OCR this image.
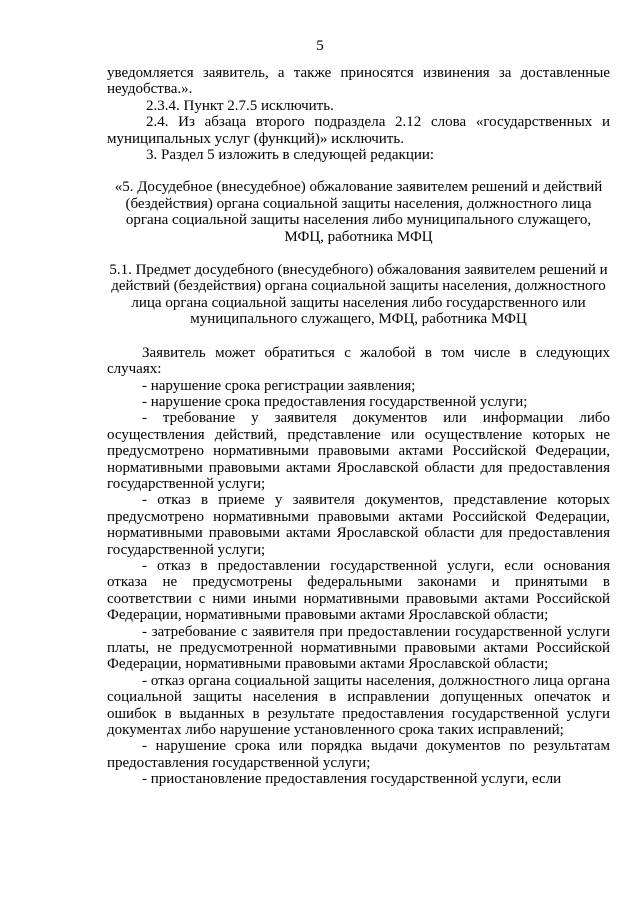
5

уведомляется заявитель, а также приносятся извинения за доставленные неудобства.».

2.3.4. Пункт 2.7.5 исключить.

2.4. Из абзаца второго подраздела 2.12 слова «государственных и муниципальных услуг (функций)» исключить.

3. Раздел 5 изложить в следующей редакции:

«5. Досудебное (внесудебное) обжалование заявителем решений и действий (бездействия) органа социальной защиты населения, должностного лица органа социальной защиты населения либо муниципального служащего, МФЦ, работника МФЦ

5.1. Предмет досудебного (внесудебного) обжалования заявителем решений и действий (бездействия) органа социальной защиты населения, должностного лица органа социальной защиты населения либо государственного или муниципального служащего, МФЦ, работника МФЦ

Заявитель может обратиться с жалобой в том числе в следующих случаях:

- нарушение срока регистрации заявления;

- нарушение срока предоставления государственной услуги;

- требование у заявителя документов или информации либо осуществления действий, представление или осуществление которых не предусмотрено нормативными правовыми актами Российской Федерации, нормативными правовыми актами Ярославской области для предоставления государственной услуги;

- отказ в приеме у заявителя документов, представление которых предусмотрено нормативными правовыми актами Российской Федерации, нормативными правовыми актами Ярославской области для предоставления государственной услуги;

- отказ в предоставлении государственной услуги, если основания отказа не предусмотрены федеральными законами и принятыми в соответствии с ними иными нормативными правовыми актами Российской Федерации, нормативными правовыми актами Ярославской области;

- затребование с заявителя при предоставлении государственной услуги платы, не предусмотренной нормативными правовыми актами Российской Федерации, нормативными правовыми актами Ярославской области;

- отказ органа социальной защиты населения, должностного лица органа социальной защиты населения в исправлении допущенных опечаток и ошибок в выданных в результате предоставления государственной услуги документах либо нарушение установленного срока таких исправлений;

- нарушение срока или порядка выдачи документов по результатам предоставления государственной услуги;

- приостановление предоставления государственной услуги, если
